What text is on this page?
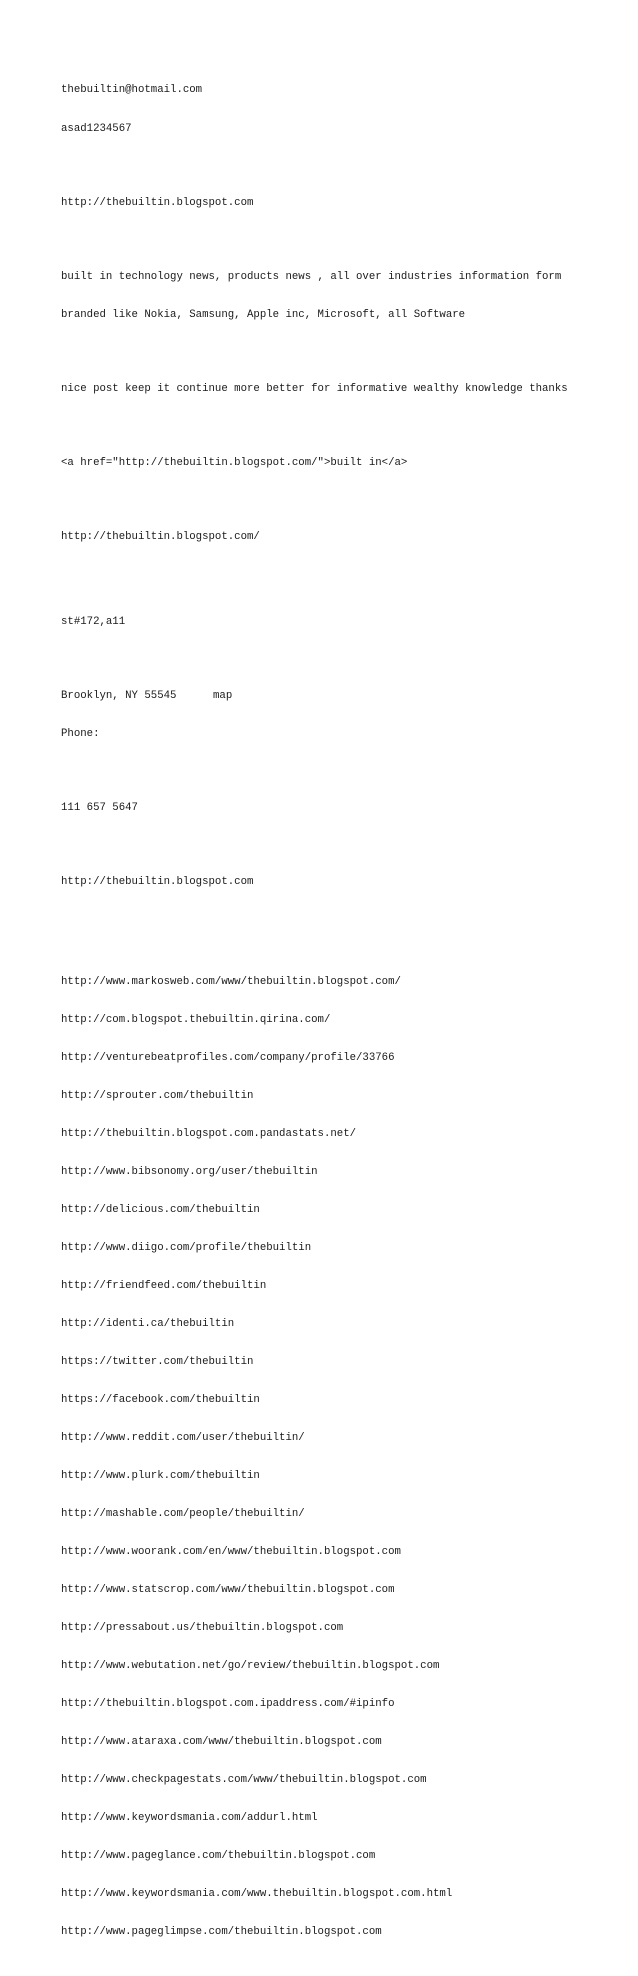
thebuiltin@hotmail.com

asad1234567

http://thebuiltin.blogspot.com

built in technology news, products news , all over industries information form

branded like Nokia, Samsung, Apple inc, Microsoft, all Software

nice post keep it continue more better for informative wealthy knowledge thanks

<a href="http://thebuiltin.blogspot.com/">built in</a>

http://thebuiltin.blogspot.com/

st#172,a11

Brooklyn, NY 55545	map

Phone:

111 657 5647

http://thebuiltin.blogspot.com

http://www.markosweb.com/www/thebuiltin.blogspot.com/

http://com.blogspot.thebuiltin.qirina.com/

http://venturebeatprofiles.com/company/profile/33766

http://sprouter.com/thebuiltin

http://thebuiltin.blogspot.com.pandastats.net/

http://www.bibsonomy.org/user/thebuiltin

http://delicious.com/thebuiltin

http://www.diigo.com/profile/thebuiltin

http://friendfeed.com/thebuiltin

http://identi.ca/thebuiltin

https://twitter.com/thebuiltin

https://facebook.com/thebuiltin

http://www.reddit.com/user/thebuiltin/

http://www.plurk.com/thebuiltin

http://mashable.com/people/thebuiltin/

http://www.woorank.com/en/www/thebuiltin.blogspot.com

http://www.statscrop.com/www/thebuiltin.blogspot.com

http://pressabout.us/thebuiltin.blogspot.com

http://www.webutation.net/go/review/thebuiltin.blogspot.com

http://thebuiltin.blogspot.com.ipaddress.com/#ipinfo

http://www.ataraxa.com/www/thebuiltin.blogspot.com

http://www.checkpagestats.com/www/thebuiltin.blogspot.com

http://www.keywordsmania.com/addurl.html

http://www.pageglance.com/thebuiltin.blogspot.com

http://www.keywordsmania.com/www.thebuiltin.blogspot.com.html

http://www.pageglimpse.com/thebuiltin.blogspot.com
